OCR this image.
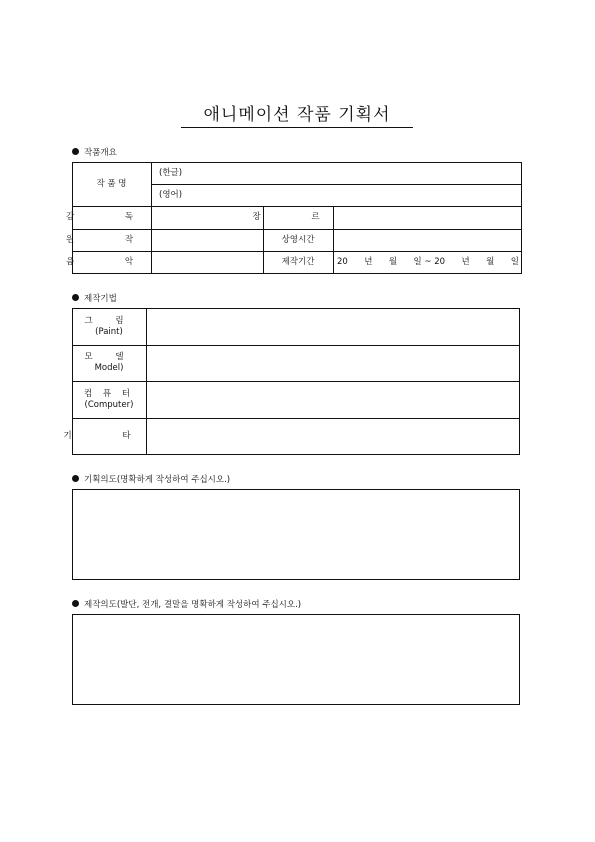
애니메이션 작품 기획서
작품개요
작 품 명
(한글)
(영어)
감 독
원 작
음 악
장 르
상영시간
제작기간	20 년 월 일 ~ 20 년 월 일
제작기법
그 림
(Paint)
모 델
Model)
컴 퓨 터
(Computer)
기 타
기획의도(명확하게 작성하여 주십시오.)
제작의도(발단, 전개, 결말을 명확하게 작성하여 주십시오.)
